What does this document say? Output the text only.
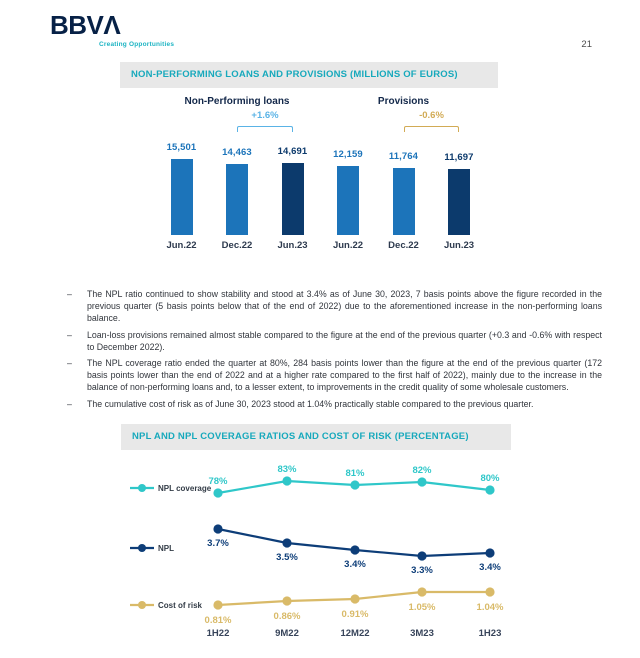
BBVΛ
Creating Opportunities	21
NON-PERFORMING LOANS AND PROVISIONS (MILLIONS OF EUROS)
Non-Performing loans	Provisions
+1.6%	-0.6%
15,501
Jun.22
14,463
Dec.22
14,691
Jun.23
12,159
Jun.22
11,764
Dec.22
11,697
Jun.23
– The NPL ratio continued to show stability and stood at 3.4% as of June 30, 2023, 7 basis points above the figure recorded in the previous quarter (5 basis points below that of the end of 2022) due to the aforementioned increase in the non-performing loans balance.
– Loan-loss provisions remained almost stable compared to the figure at the end of the previous quarter (+0.3 and -0.6% with respect to December 2022).
– The NPL coverage ratio ended the quarter at 80%, 284 basis points lower than the figure at the end of the previous quarter (172 basis points lower than the end of 2022 and at a higher rate compared to the first half of 2022), mainly due to the increase in the balance of non-performing loans and, to a lesser extent, to improvements in the credit quality of some wholesale customers.
– The cumulative cost of risk as of June 30, 2023 stood at 1.04% practically stable compared to the previous quarter.
NPL AND NPL COVERAGE RATIOS AND COST OF RISK (PERCENTAGE)
78%
83%	81%	82%
80%
NPL coverage
3.7%
3.5%
3.4%
3.3%	3.4%
NPL
0.81%	0.86%	0.91%
1.05%	1.04%
Cost of risk
1H22	9M22	12M22	3M23	1H23
